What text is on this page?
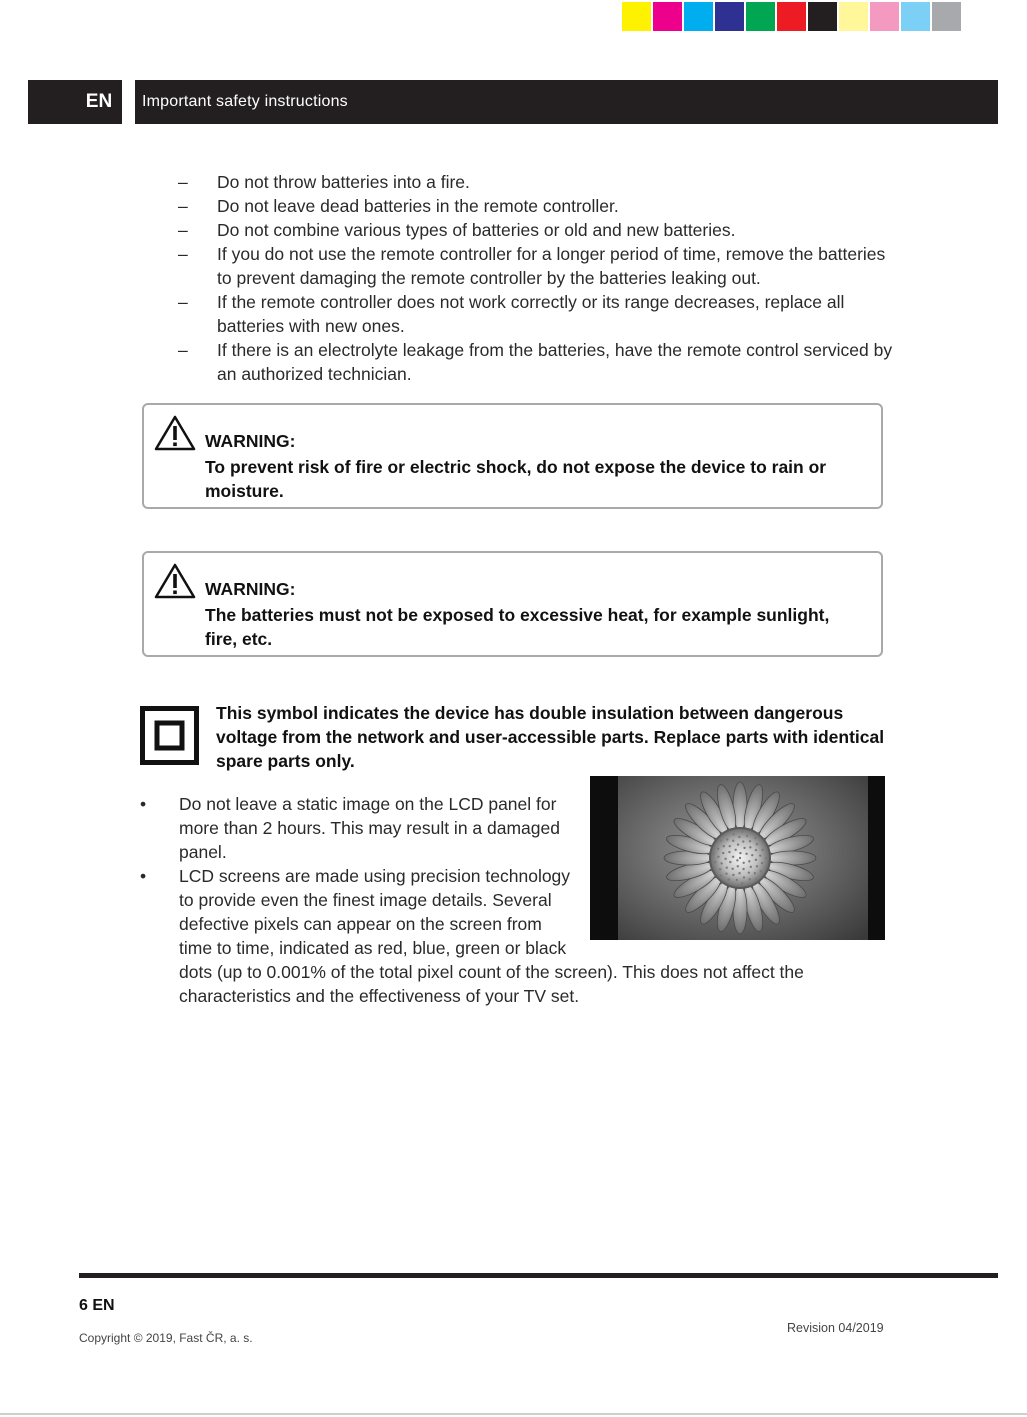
EN	Important safety instructions
– Do not throw batteries into a fire.
– Do not leave dead batteries in the remote controller.
– Do not combine various types of batteries or old and new batteries.
– If you do not use the remote controller for a longer period of time, remove the batteries to prevent damaging the remote controller by the batteries leaking out.
– If the remote controller does not work correctly or its range decreases, replace all batteries with new ones.
– If there is an electrolyte leakage from the batteries, have the remote control serviced by an authorized technician.
WARNING:
To prevent risk of fire or electric shock, do not expose the device to rain or moisture.
WARNING:
The batteries must not be exposed to excessive heat, for example sunlight, fire, etc.
This symbol indicates the device has double insulation between dangerous voltage from the network and user-accessible parts. Replace parts with identical spare parts only.
• Do not leave a static image on the LCD panel for
more than 2 hours. This may result in a damaged
panel.
• LCD screens are made using precision technology
to provide even the finest image details. Several
defective pixels can appear on the screen from
time to time, indicated as red, blue, green or black
dots (up to 0.001% of the total pixel count of the screen). This does not affect the
characteristics and the effectiveness of your TV set.
6 EN
Copyright © 2019, Fast ČR, a. s.
Revision 04/2019
